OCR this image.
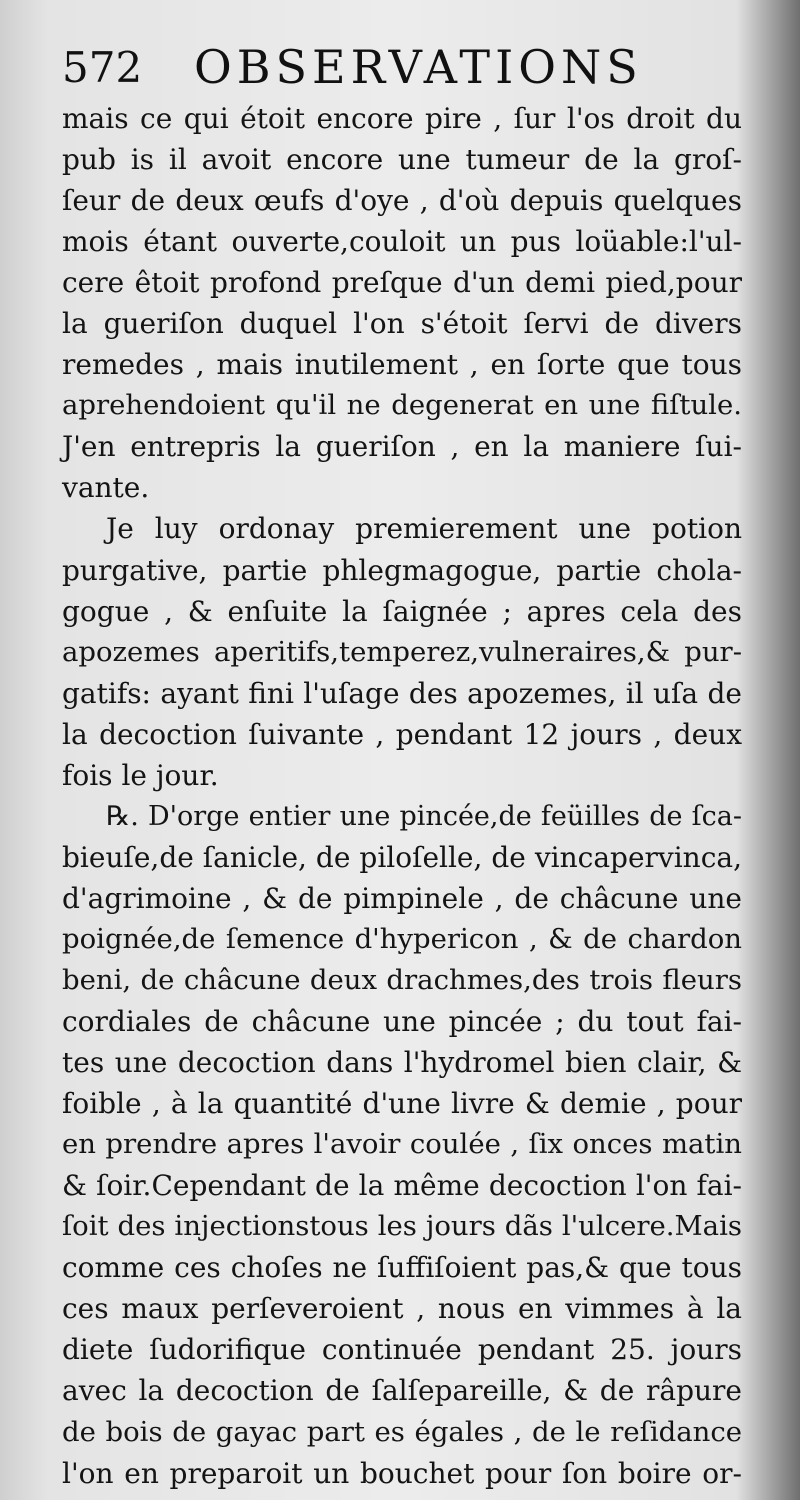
572 OBSERVATIONS
mais ce qui étoit encore pire , ſur l'os droit du
pub is il avoit encore une tumeur de la groſ-
ſeur de deux œufs d'oye , d'où depuis quelques
mois étant ouverte,couloit un pus loüable:l'ul-
cere êtoit profond preſque d'un demi pied,pour
la gueriſon duquel l'on s'étoit ſervi de divers
remedes , mais inutilement , en ſorte que tous
aprehendoient qu'il ne degenerat en une fiſtule.
J'en entrepris la gueriſon , en la maniere ſui-
vante.
Je luy ordonay premierement une potion
purgative, partie phlegmagogue, partie chola-
gogue , & enſuite la ſaignée ; apres cela des
apozemes aperitifs,temperez,vulneraires,& pur-
gatifs: ayant fini l'uſage des apozemes, il uſa de
la decoction ſuivante , pendant 12 jours , deux
fois le jour.
℞. D'orge entier une pincée,de feüilles de ſca-
bieuſe,de ſanicle, de piloſelle, de vincapervinca,
d'agrimoine , & de pimpinele , de châcune une
poignée,de ſemence d'hypericon , & de chardon
beni, de châcune deux drachmes,des trois fleurs
cordiales de châcune une pincée ; du tout fai-
tes une decoction dans l'hydromel bien clair, &
foible , à la quantité d'une livre & demie , pour
en prendre apres l'avoir coulée , ſix onces matin
& ſoir.Cependant de la même decoction l'on fai-
ſoit des injectionstous les jours dãs l'ulcere.Mais
comme ces choſes ne ſuffiſoient pas,& que tous
ces maux perſeveroient , nous en vimmes à la
diete ſudorifique continuée pendant 25. jours
avec la decoction de ſalſepareille, & de râpure
de bois de gayac part es égales , de le reſidance
l'on en preparoit un bouchet pour ſon boire or-
